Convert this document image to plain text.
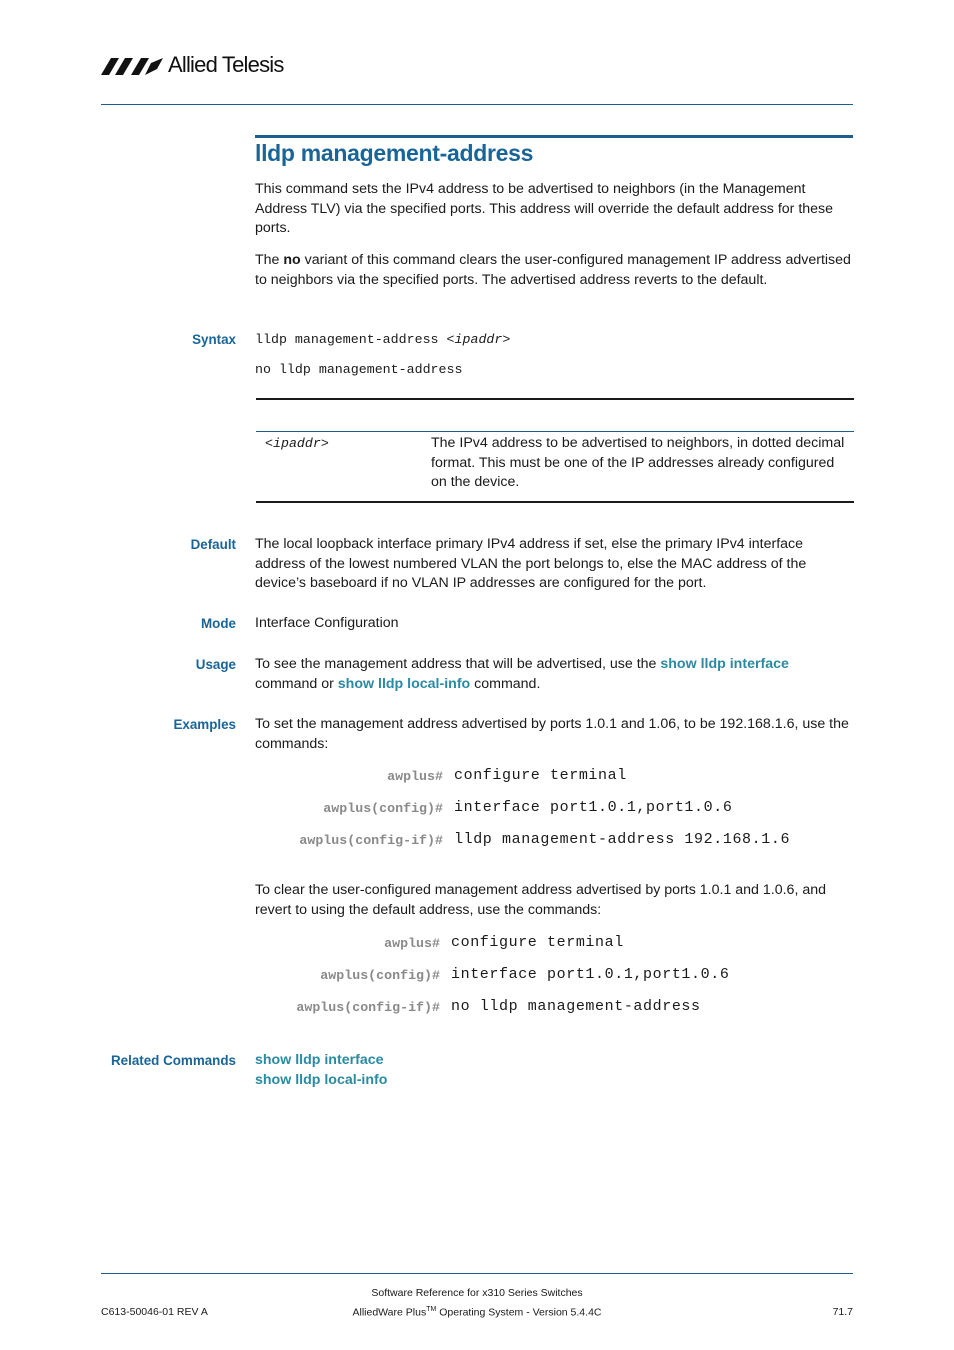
Allied Telesis
lldp management-address
This command sets the IPv4 address to be advertised to neighbors (in the Management Address TLV) via the specified ports. This address will override the default address for these ports.
The no variant of this command clears the user-configured management IP address advertised to neighbors via the specified ports. The advertised address reverts to the default.
Syntax lldp management-address <ipaddr>
no lldp management-address
<ipaddr>	The IPv4 address to be advertised to neighbors, in dotted decimal format. This must be one of the IP addresses already configured on the device.
Default The local loopback interface primary IPv4 address if set, else the primary IPv4 interface address of the lowest numbered VLAN the port belongs to, else the MAC address of the device’s baseboard if no VLAN IP addresses are configured for the port.
Mode Interface Configuration
Usage To see the management address that will be advertised, use the show lldp interface command or show lldp local-info command.
Examples To set the management address advertised by ports 1.0.1 and 1.06, to be 192.168.1.6, use the commands:
awplus# configure terminal
awplus(config)# interface port1.0.1,port1.0.6
awplus(config-if)# lldp management-address 192.168.1.6
To clear the user-configured management address advertised by ports 1.0.1 and 1.0.6, and revert to using the default address, use the commands:
awplus# configure terminal
awplus(config)# interface port1.0.1,port1.0.6
awplus(config-if)# no lldp management-address
Related Commands show lldp interface
show lldp local-info
Software Reference for x310 Series Switches
C613-50046-01 REV A	AlliedWare Plus™ Operating System - Version 5.4.4C	71.7
